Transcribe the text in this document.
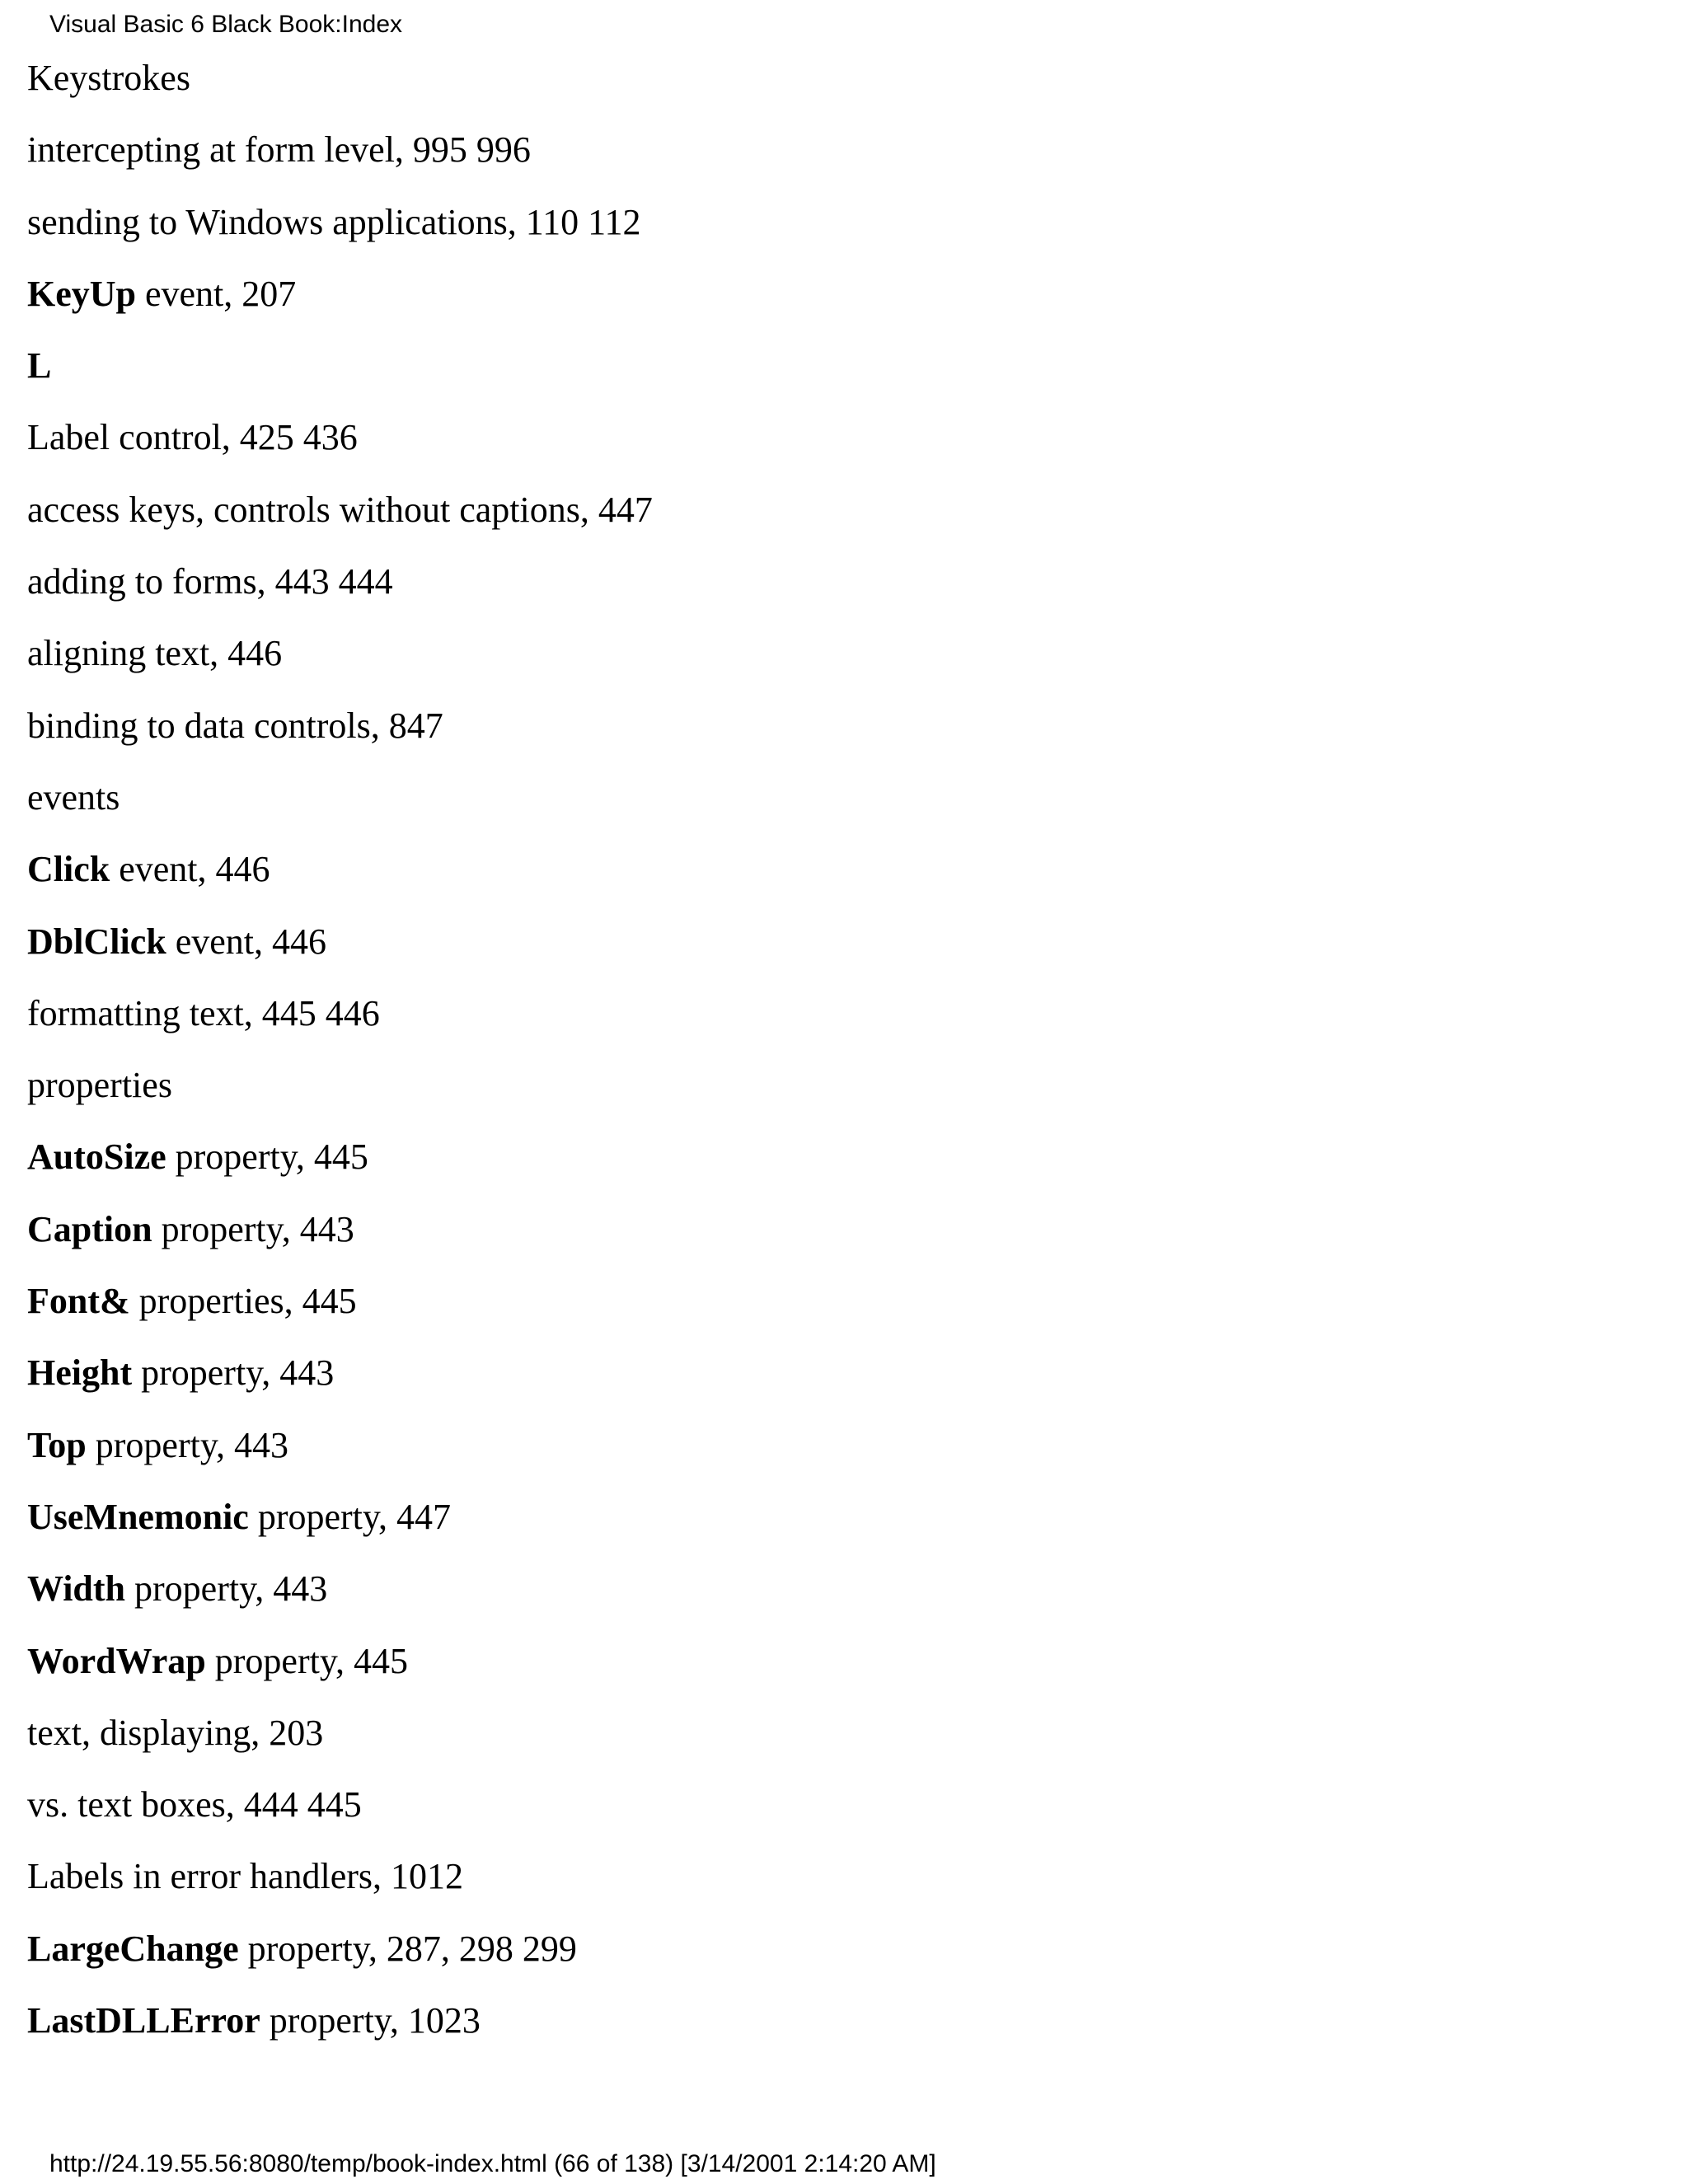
Visual Basic 6 Black Book:Index
Keystrokes
intercepting at form level, 995 996
sending to Windows applications, 110 112
KeyUp event, 207
L
Label control, 425 436
access keys, controls without captions, 447
adding to forms, 443 444
aligning text, 446
binding to data controls, 847
events
Click event, 446
DblClick event, 446
formatting text, 445 446
properties
AutoSize property, 445
Caption property, 443
Font& properties, 445
Height property, 443
Top property, 443
UseMnemonic property, 447
Width property, 443
WordWrap property, 445
text, displaying, 203
vs. text boxes, 444 445
Labels in error handlers, 1012
LargeChange property, 287, 298 299
LastDLLError property, 1023
http://24.19.55.56:8080/temp/book-index.html (66 of 138) [3/14/2001 2:14:20 AM]
